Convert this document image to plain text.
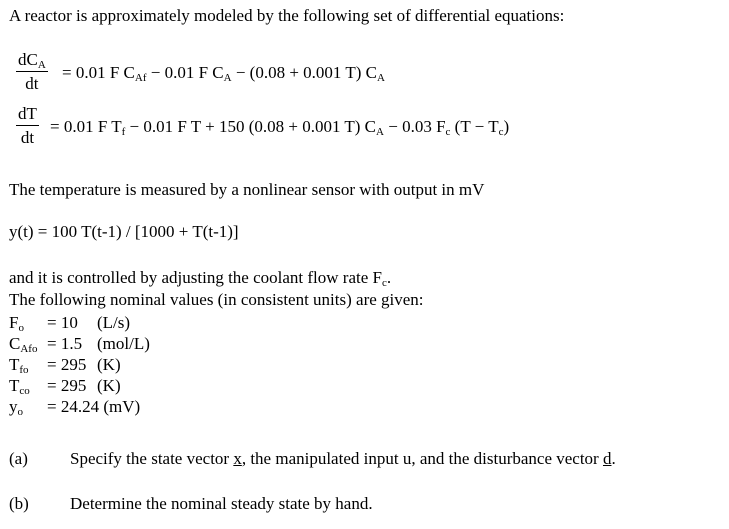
A reactor is approximately modeled by the following set of differential equations:
$dC_A$
dt
= 0.01 F $C_{Af} - 0.01$ F $C_A - (0.08 + 0.001$ T) $C_A$
dT
dt
= 0.01 F $T_f - 0.01$ F T + 150 (0.08 + 0.001 T) $C_A - 0.03$ $F_c$ $(T - T_c)$
The temperature is measured by a nonlinear sensor with output in mV
y(t) = 100 T(t-1) / [1000 + T(t-1)]
and it is controlled by adjusting the coolant flow rate $F_c$.
The following nominal values (in consistent units) are given:
$F_o = 10$ (L/s)
$C_{Afo} = 1.5$ (mol/L)
$T_{fo} = 295$ (K)
$T_{co} = 295$ (K)
$y_o = 24.24$ (mV)
(a) Specify the state vector x, the manipulated input u, and the disturbance vector d.
(b) Determine the nominal steady state by hand.
